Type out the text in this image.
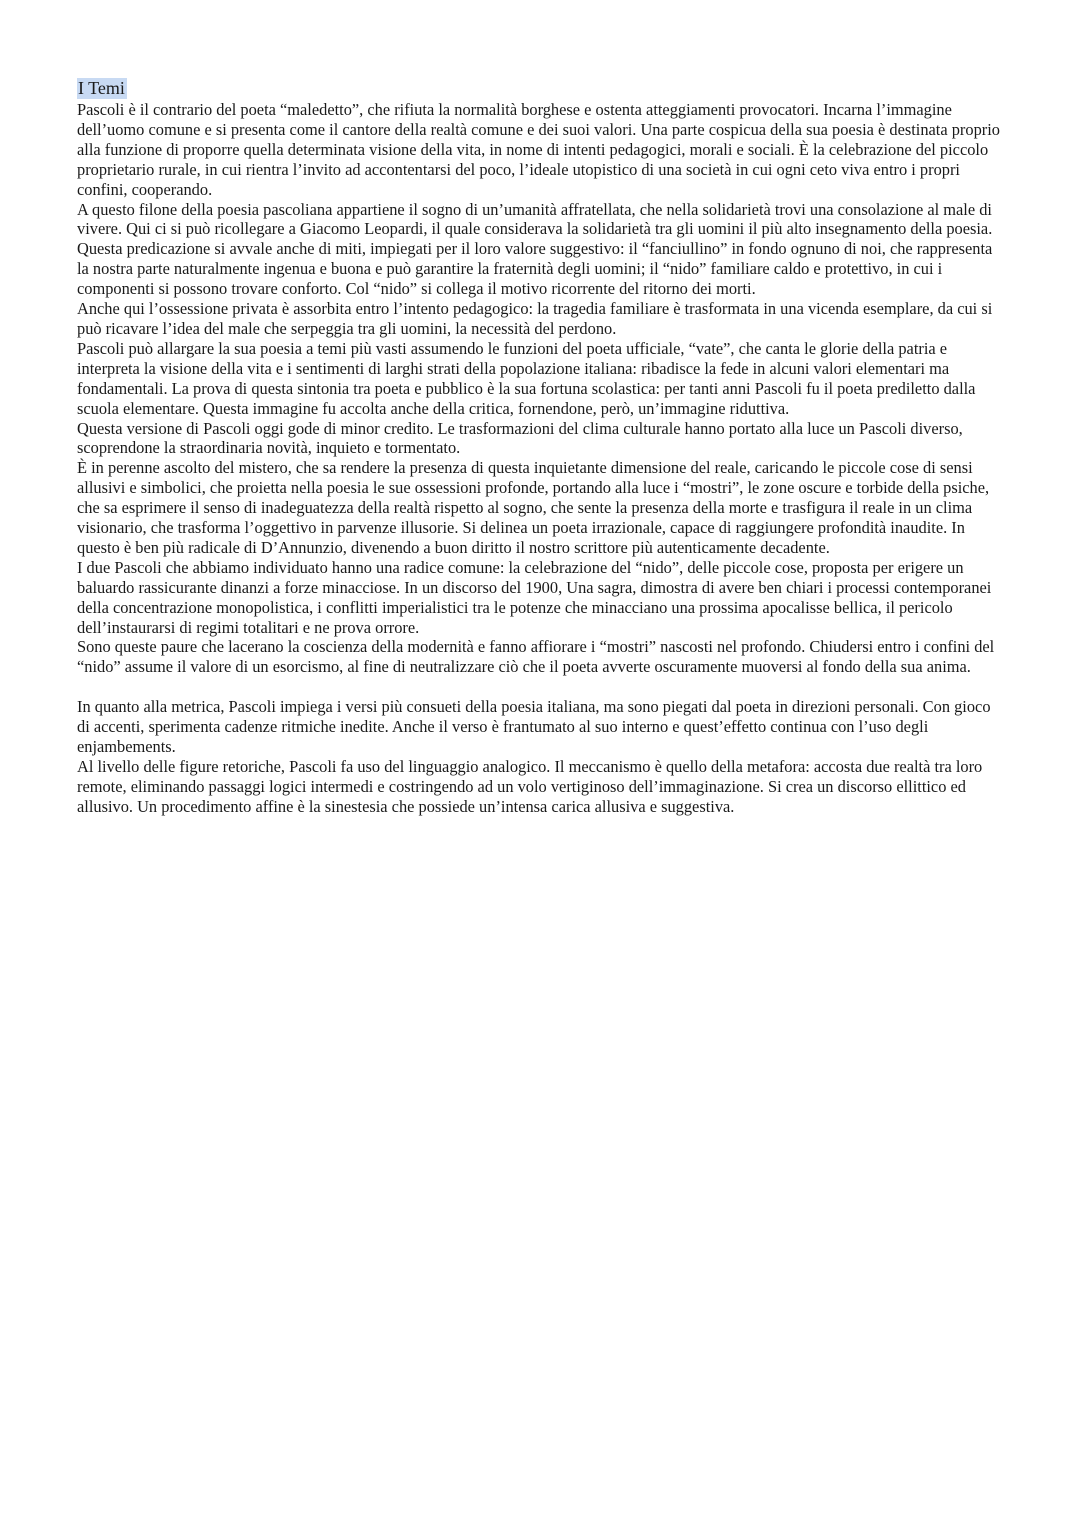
I Temi

Pascoli è il contrario del poeta “maledetto”, che rifiuta la normalità borghese e ostenta atteggiamenti provocatori. Incarna l’immagine dell’uomo comune e si presenta come il cantore della realtà comune e dei suoi valori. Una parte cospicua della sua poesia è destinata proprio alla funzione di proporre quella determinata visione della vita, in nome di intenti pedagogici, morali e sociali. È la celebrazione del piccolo proprietario rurale, in cui rientra l’invito ad accontentarsi del poco, l’ideale utopistico di una società in cui ogni ceto viva entro i propri confini, cooperando.

A questo filone della poesia pascoliana appartiene il sogno di un’umanità affratellata, che nella solidarietà trovi una consolazione al male di vivere. Qui ci si può ricollegare a Giacomo Leopardi, il quale considerava la solidarietà tra gli uomini il più alto insegnamento della poesia.

Questa predicazione si avvale anche di miti, impiegati per il loro valore suggestivo: il “fanciullino” in fondo ognuno di noi, che rappresenta la nostra parte naturalmente ingenua e buona e può garantire la fraternità degli uomini; il “nido” familiare caldo e protettivo, in cui i componenti si possono trovare conforto. Col “nido” si collega il motivo ricorrente del ritorno dei morti.

Anche qui l’ossessione privata è assorbita entro l’intento pedagogico: la tragedia familiare è trasformata in una vicenda esemplare, da cui si può ricavare l’idea del male che serpeggia tra gli uomini, la necessità del perdono.

Pascoli può allargare la sua poesia a temi più vasti assumendo le funzioni del poeta ufficiale, “vate”, che canta le glorie della patria e interpreta la visione della vita e i sentimenti di larghi strati della popolazione italiana: ribadisce la fede in alcuni valori elementari ma fondamentali. La prova di questa sintonia tra poeta e pubblico è la sua fortuna scolastica: per tanti anni Pascoli fu il poeta prediletto dalla scuola elementare. Questa immagine fu accolta anche della critica, fornendone, però, un’immagine riduttiva.

Questa versione di Pascoli oggi gode di minor credito. Le trasformazioni del clima culturale hanno portato alla luce un Pascoli diverso, scoprendone la straordinaria novità, inquieto e tormentato.

È in perenne ascolto del mistero, che sa rendere la presenza di questa inquietante dimensione del reale, caricando le piccole cose di sensi allusivi e simbolici, che proietta nella poesia le sue ossessioni profonde, portando alla luce i “mostri”, le zone oscure e torbide della psiche, che sa esprimere il senso di inadeguatezza della realtà rispetto al sogno, che sente la presenza della morte e trasfigura il reale in un clima visionario, che trasforma l’oggettivo in parvenze illusorie. Si delinea un poeta irrazionale, capace di raggiungere profondità inaudite. In questo è ben più radicale di D’Annunzio, divenendo a buon diritto il nostro scrittore più autenticamente decadente.

I due Pascoli che abbiamo individuato hanno una radice comune: la celebrazione del “nido”, delle piccole cose, proposta per erigere un baluardo rassicurante dinanzi a forze minacciose. In un discorso del 1900, Una sagra, dimostra di avere ben chiari i processi contemporanei della concentrazione monopolistica, i conflitti imperialistici tra le potenze che minacciano una prossima apocalisse bellica, il pericolo dell’instaurarsi di regimi totalitari e ne prova orrore.

Sono queste paure che lacerano la coscienza della modernità e fanno affiorare i “mostri” nascosti nel profondo. Chiudersi entro i confini del “nido” assume il valore di un esorcismo, al fine di neutralizzare ciò che il poeta avverte oscuramente muoversi al fondo della sua anima.

In quanto alla metrica, Pascoli impiega i versi più consueti della poesia italiana, ma sono piegati dal poeta in direzioni personali. Con gioco di accenti, sperimenta cadenze ritmiche inedite. Anche il verso è frantumato al suo interno e quest’effetto continua con l’uso degli enjambements.

Al livello delle figure retoriche, Pascoli fa uso del linguaggio analogico. Il meccanismo è quello della metafora: accosta due realtà tra loro remote, eliminando passaggi logici intermedi e costringendo ad un volo vertiginoso dell’immaginazione. Si crea un discorso ellittico ed allusivo. Un procedimento affine è la sinestesia che possiede un’intensa carica allusiva e suggestiva.
